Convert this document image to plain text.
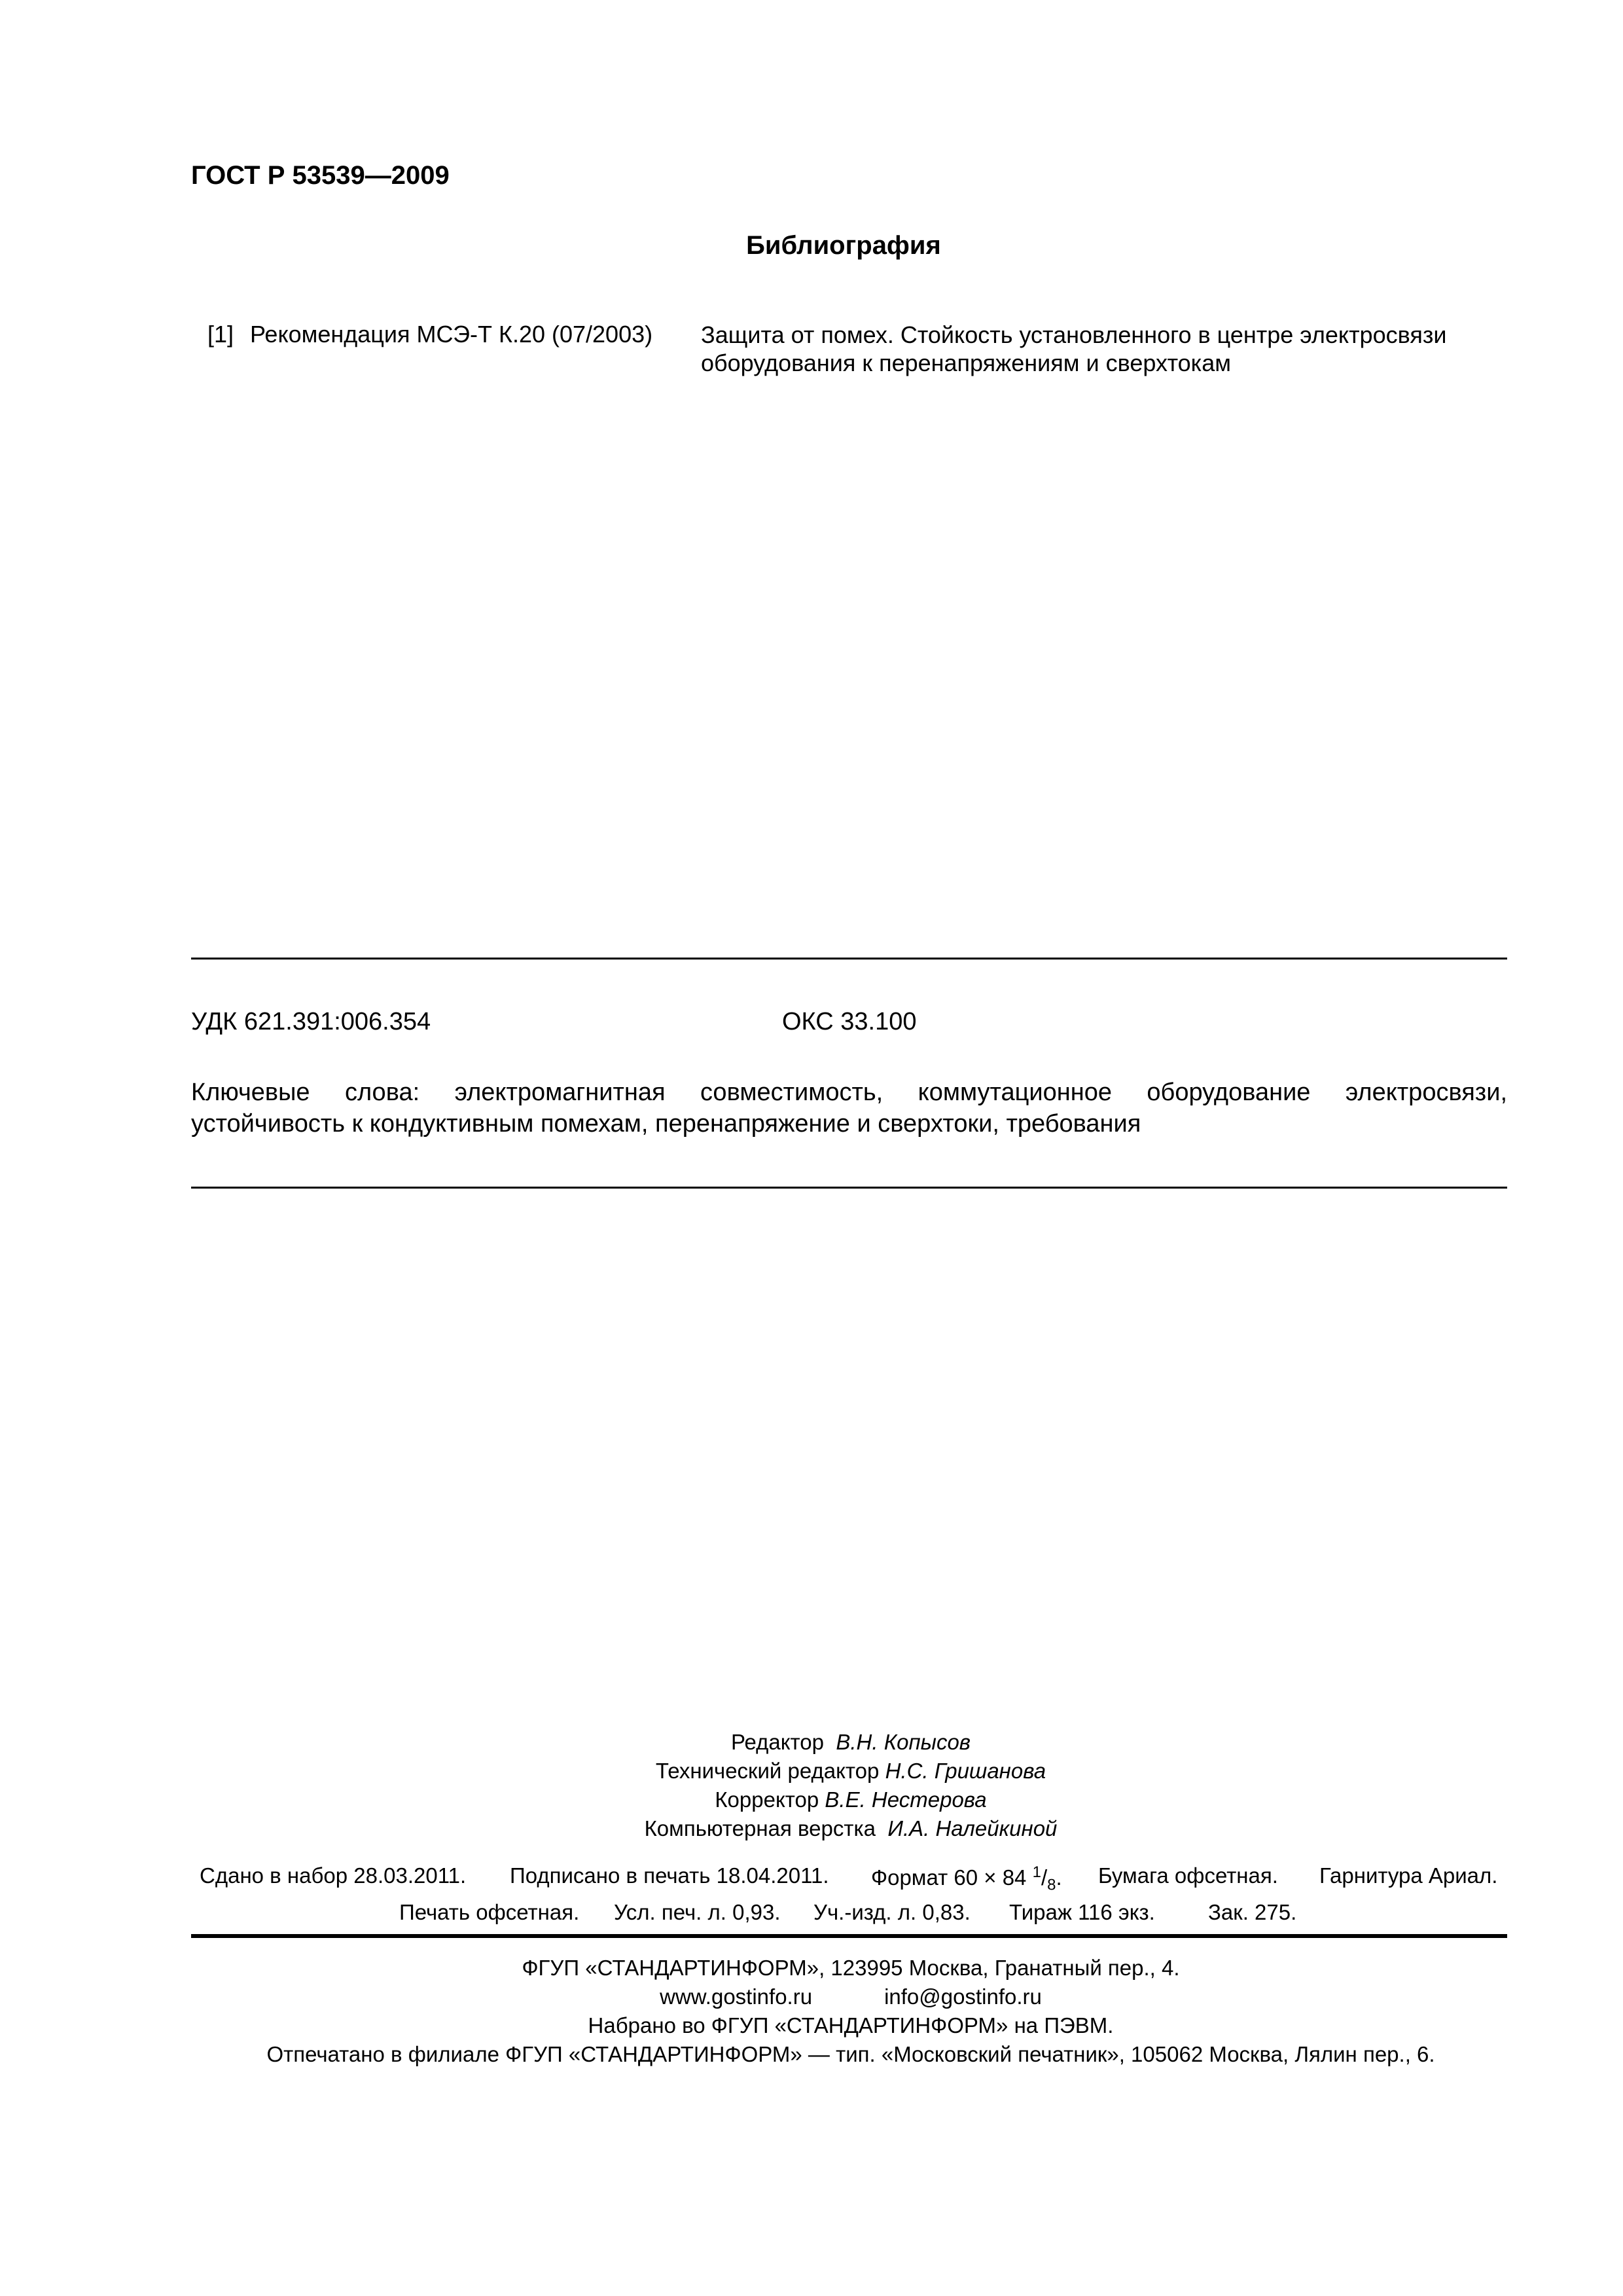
ГОСТ Р 53539—2009
Библиография
[1] Рекомендация МСЭ-Т К.20 (07/2003) Защита от помех. Стойкость установленного в центре электросвязи оборудования к перенапряжениям и сверхтокам
УДК 621.391:006.354	ОКС 33.100
Ключевые слова: электромагнитная совместимость, коммутационное оборудование электросвязи,
устойчивость к кондуктивным помехам, перенапряжение и сверхтоки, требования
Редактор В.Н. Копысов
Технический редактор Н.С. Гришанова
Корректор В.Е. Нестерова
Компьютерная верстка И.А. Налейкиной
Сдано в набор 28.03.2011. Подписано в печать 18.04.2011. Формат 60 × 84 $^1/_8$. Бумага офсетная. Гарнитура Ариал.
Печать офсетная. Усл. печ. л. 0,93. Уч.-изд. л. 0,83. Тираж 116 экз. Зак. 275.
ФГУП «СТАНДАРТИНФОРМ», 123995 Москва, Гранатный пер., 4.
www.gostinfo.ru	info@gostinfo.ru
Набрано во ФГУП «СТАНДАРТИНФОРМ» на ПЭВМ.
Отпечатано в филиале ФГУП «СТАНДАРТИНФОРМ» — тип. «Московский печатник», 105062 Москва, Лялин пер., 6.
